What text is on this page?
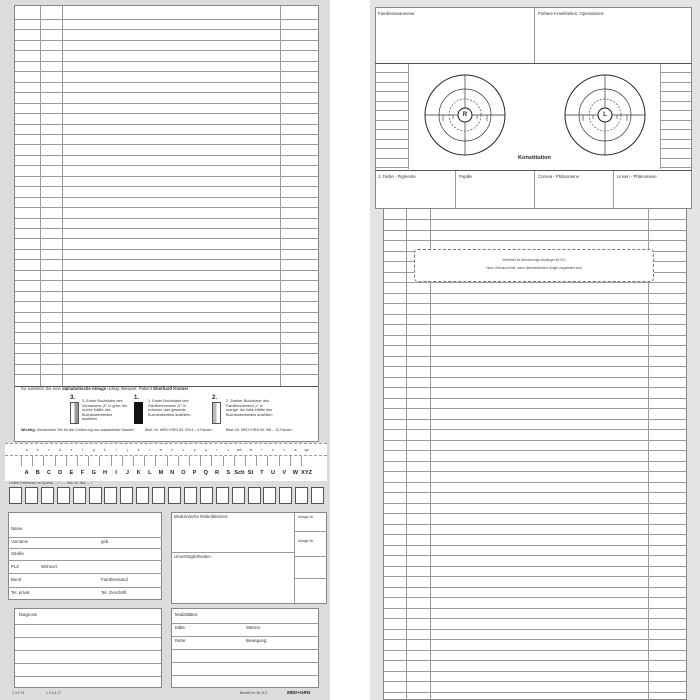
So sortieren Sie eine alphabetische Ablage richtig: Beispiel: Patient Eberhard Kramer
3. 3. Erster Buchstabe des Vornamens „E“ in grün: die rechte Hälfte des Buchstabenfeldes ausfüllen
1. 1. Erster Buchstabe des Familiennamens „K“ in schwarz: das gesamte Buchstabenfeld ausfüllen.
2. 2. Zweiter Buchstabe des Familiennamens „r“ in orange: die linke Hälfte des Buchstabenfeldes ausfüllen
Wichtig: Verwenden Sie für die Codierung nur wasserfeste Marker!	Best.-Nr. MED+ORG 60.700/4 – 4 Farben	Best.-Nr. MED+ORG 60.765 – 10 Farben
a	b	c	d	e	f	g	h	i	j	k	l	m	n	o	p	q	r	s	sch	st	t	u	v	w	xyz
A	B	C	D	E	F	G	H	I	J	K	L	M	N	O	P	Q	R	S Sch St	T	U	V	W XYZ
Letzter Kirlbesuch im Quartal ...../ ...... bzw. im Jahr ...../
Name
Vorname	geb.
Straße
PLZ	Wohnort
Beruf	Familienstand
Tel. privat	Tel. Geschäft
Medizinische Risikofaktoren:
Unverträglichkeiten:
Ablage-Nr.
Ablage-Nr.
Diagnose	Modalitäten:
Kälte:	Wärme:
Ruhe:	Bewegung:
2 3 4 75	1 2 3 4 17	Bestell-Nr. 60.113	MED+ORG
Familienanamnese:	Frühere Krankheiten, Operationen:
R	L
Konstitution
J. Farbe - Pigmente	Pupille	Cornea - Phänomene	Linsen - Phänomene
Klebefeld für Abrechnungs-Anhänger 60.210
Nach Gebrauch bitte, wenn überweisendem Zeiger vorgetestet wird
